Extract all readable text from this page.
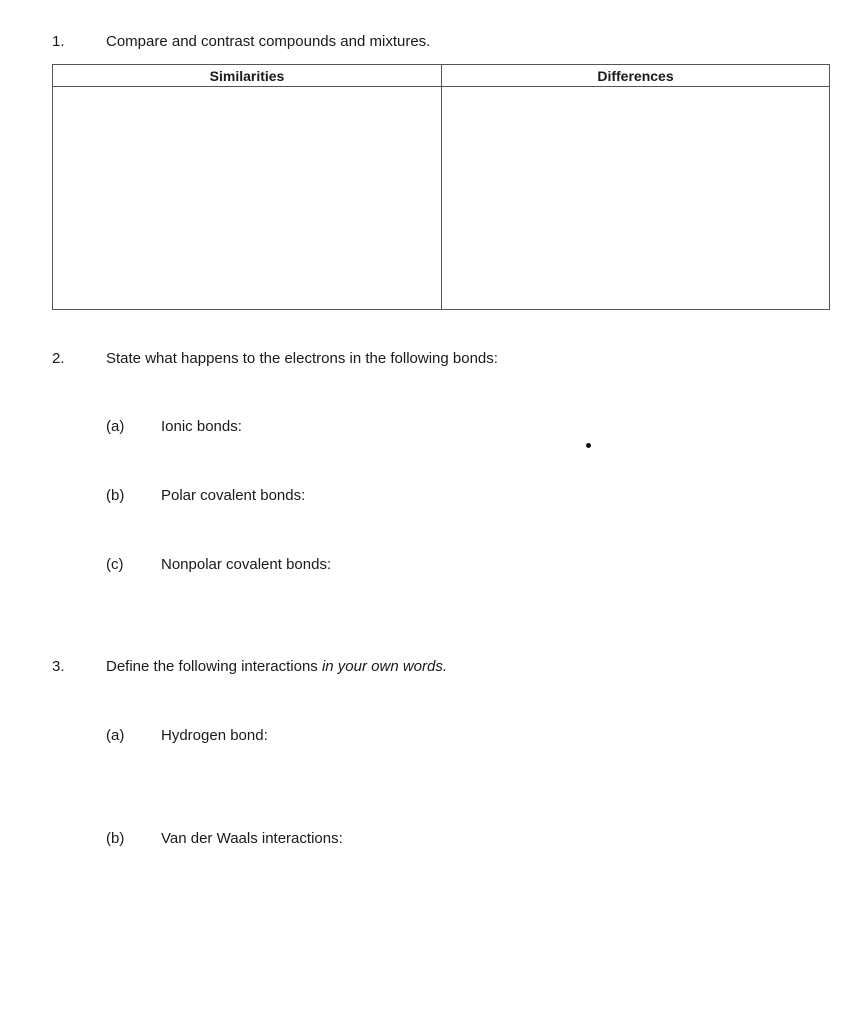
1.	Compare and contrast compounds and mixtures.
Similarities	Differences
2.	State what happens to the electrons in the following bonds:
(a) Ionic bonds:
(b) Polar covalent bonds:
(c)	Nonpolar covalent bonds:
3.	Define the following interactions in your own words.
(a) Hydrogen bond:
(b) Van der Waals interactions:
